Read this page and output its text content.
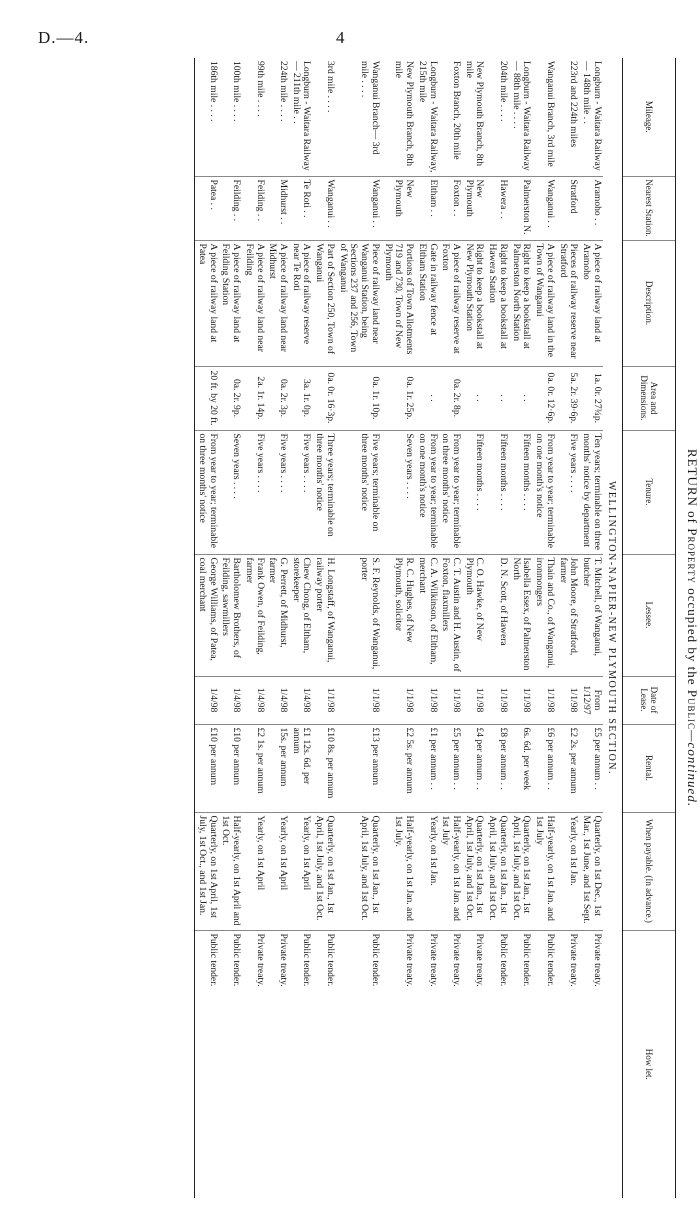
D.—4.	4
RETURN of Property occupied by the Public—continued.
Mileage.	Nearest Station.	Description.	Area and Dimensions.	Tenure.	Lessee.	Date of Lease.	Rental.	When payable. (In advance.)	How let.
WELLINGTON-NAPIER-NEW PLYMOUTH SECTION.									
Longburn - Waitara Railway— 148th mile . .	Aramoho . .	A piece of railway land at Aramoho	1a. 0r. 27¾p.	Ten years; terminable on three months' notice by department	T. Mitchell, of Wanganui, butcher	From 1/12/97	£5 per annum . .	Quarterly, on 1st Dec., 1st Mar., 1st June, and 1st Sept.	Private treaty.
223rd and 224th miles	Stratford	Pieces of railway reserve near Stratford	5a. 2r. 39·6p.	Five years . . . .	John Moore, of Stratford, farmer	1/1/98	£2 2s. per annum	Yearly, on 1st Jan.	Private treaty.
Wanganui Branch, 3rd mile	Wanganui . .	A piece of railway land in the Town of Wanganui	0a. 0r. 12·6p.	From year to year; terminable on one month's notice	Thain and Co., of Wanganui, ironmongers	1/1/98	£6 per annum . .	Half-yearly, on 1st Jan. and 1st July	Public tender.
Longburn - Waitara Railway— 88th mile . . . .	Palmerston N.	Right to keep a bookstall at Palmerston North Station	. .	Fifteen months . . . .	Isabella Essex, of Palmerston North	1/1/98	6s. 6d. per week	Quarterly, on 1st Jan., 1st April, 1st July, and 1st Oct.	Public tender.
204th mile . . . .	Hawera . .	Right to keep a bookstall at Hawera Station	. .	Fifteen months . . . .	D. N. Scott, of Hawera	1/1/98	£8 per annum . .	Quarterly, on 1st Jan., 1st April, 1st July, and 1st Oct.	Public tender.
New Plymouth Branch, 8th mile	New Plymouth	Right to keep a bookstall at New Plymouth Station	. .	Fifteen months . . . .	C. O. Hawke, of New Plymouth	1/1/98	£4 per annum . .	Quarterly, on 1st Jan., 1st April, 1st July, and 1st Oct.	Private treaty.
Foxton Branch, 20th mile	Foxton . .	A piece of railway reserve at Foxton	0a. 2r. 8p.	From year to year; terminable on three months' notice	C. T. Austin and H. Austin, of Foxton, flaxmillers	1/1/98	£5 per annum . .	Half-yearly, on 1st Jan. and 1st July	Private treaty.
Longburn - Waitara Railway, 215th mile	Eltham . .	Gate in railway fence at Eltham Station	. .	From year to year; terminable on one month's notice	C. A. Wilkinson, of Eltham, merchant	1/1/98	£1 per annum . .	Yearly, on 1st Jan.	Private treaty.
New Plymouth Branch, 8th mile	New Plymouth	Portions of Town Allotments 719 and 730, Town of New Plymouth	0a. 1r. 25p.	Seven years . . . .	R. C. Hughes, of New Plymouth, solicitor	1/1/98	£2 5s. per annum	Half-yearly, on 1st Jan. and 1st July.	Private treaty.
Wanganui Branch— 3rd mile . . . .	Wanganui . .	Piece of railway land near Wanganui Station, being Sections 237 and 256, Town of Wanganui	0a. 1r. 10p.	Five years; terminable on three months' notice	S. F. Reynolds, of Wanganui, porter	1/1/98	£13 per annum	Quarterly, on 1st Jan., 1st April, 1st July, and 1st Oct.	Public tender.
3rd mile . . . .	Wanganui . .	Part of Section 250, Town of Wanganui	0a. 0r. 16·3p.	Three years; terminable on three months' notice	H. Longstaff, of Wanganui, railway porter	1/1/98	£10 8s. per annum	Quarterly, on 1st Jan., 1st April, 1st July, and 1st Oct.	Public tender.
Longburn - Waitara Railway— 211th mile . .	Te Roti . .	A piece of railway reserve near Te Roti	3a. 1r. 0p.	Five years . . . .	Chew Chong, of Eltham, storekeeper	1/4/98	£1 12s. 6d. per annum	Yearly, on 1st April	Public tender.
224th mile . . . .	Midhurst . .	A piece of railway land near Midhurst	0a. 2r. 3p.	Five years . . . .	G. Perrett, of Midhurst, farmer	1/4/98	15s. per annum	Yearly, on 1st April	Private treaty.
99th mile . . . .	Feilding . .	A piece of railway land near Feilding	2a. 1r. 14p.	Five years . . . .	Frank Owen, of Feilding, farmer	1/4/98	£2 1s. per annum	Yearly, on 1st April	Private treaty.
100th mile . . . .	Feilding . .	A piece of railway land at Feilding Station	0a. 2r. 9p.	Seven years . . . .	Bartholomew Brothers, of Feilding, sawmillers	1/4/98	£10 per annum	Half-yearly, on 1st April and 1st Oct.	Public tender.
186th mile . . . .	Patea . .	A piece of railway land at Patea	20 ft. by 20 ft.	From year to year; terminable on three months' notice	George Williams, of Patea, coal merchant	1/4/98	£10 per annum	Quarterly, on 1st April, 1st July, 1st Oct., and 1st Jan.	Public tender.
